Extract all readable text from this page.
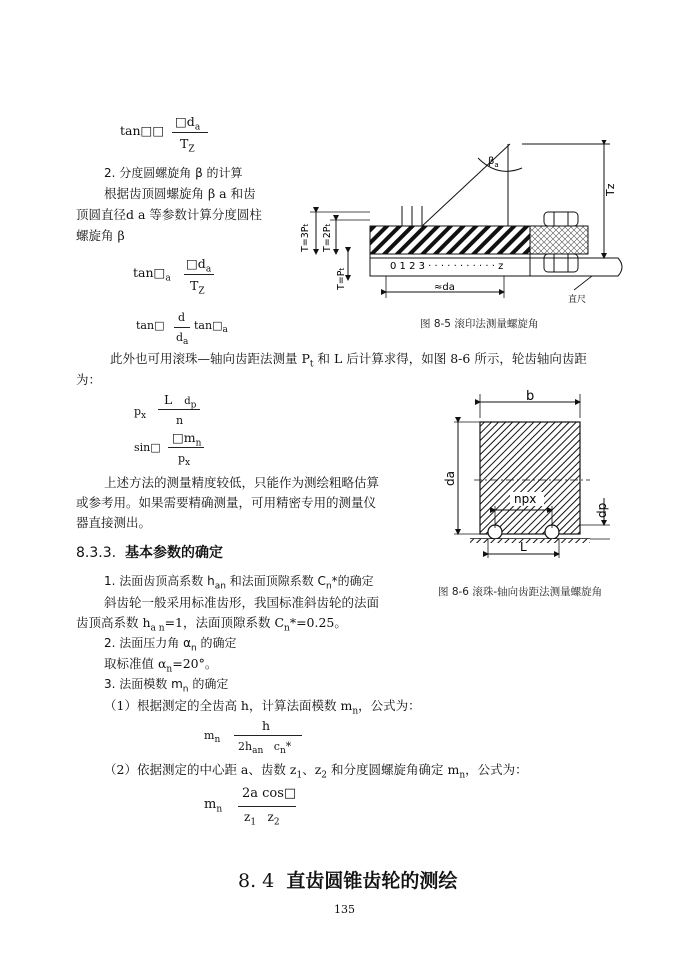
tan□□
$□d_a$
$T_Z$
2. 分度圆螺旋角 β 的计算
根据齿顶圆螺旋角 β a 和齿
顶圆直径d a 等参数计算分度圆柱
螺旋角 β
$\tan□_a$
$□d_a$
$T_Z$
tan□
d
$d_a$
$\tan□_a$
$\beta_a$
Tz
0 1 2 3 · · · · · · · · · · · z
直尺
T=3Pt
T=2Pt
T=Pt
≈da
图 8-5 滚印法测量螺旋角
此外也可用滚珠—轴向齿距法测量 $P_t$ 和 L 后计算求得，如图 8-6 所示，轮齿轴向齿距
为：
$p_x$
L $d_p$
n
sin□
$□m_n$
$p_x$
上述方法的测量精度较低，只能作为测绘粗略估算
或参考用。如果需要精确测量，可用精密专用的测量仪
器直接测出。
b
da
npx
dp
L
图 8-6 滚珠-轴向齿距法测量螺旋角
8.3.3. 基本参数的确定
1. 法面齿顶高系数 $h_{an}$ 和法面顶隙系数 $C_n*$的确定
斜齿轮一般采用标准齿形，我国标准斜齿轮的法面
齿顶高系数 $h_{a n}=1$，法面顶隙系数 $C_n*=0.25$。
2. 法面压力角 $\alpha_n$ 的确定
取标准值 $\alpha_n=20^\circ$。
3. 法面模数 $m_n$ 的确定
（1）根据测定的全齿高 h，计算法面模数 $m_n$，公式为：
$m_n$
h
$2h_{an}$ $c_n*$
（2）依据测定的中心距 a、齿数 $z_1$、$z_2$ 和分度圆螺旋角确定 $m_n$，公式为：
$m_n$
2a cos□
$z_1$ $z_2$
8. 4 直齿圆锥齿轮的测绘
135
